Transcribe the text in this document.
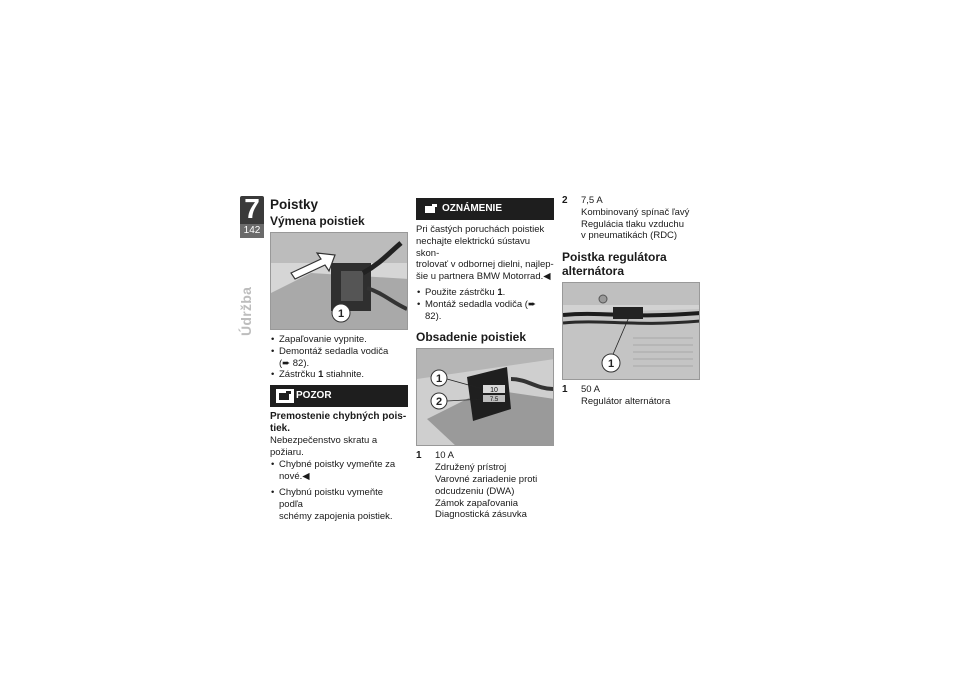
7
142
Údržba
Poistky
Výmena poistiek
1
• Zapaľovanie vypnite.
• Demontáž sedadla vodiča
(➨ 82).
• Zástrčku 1 stiahnite.
POZOR
Premostenie chybných pois-
tiek.

Nebezpečenstvo skratu a požiaru.

• Chybné poistky vymeňte za
nové.◀
• Chybnú poistku vymeňte podľa
schémy zapojenia poistiek.
OZNÁMENIE

Pri častých poruchách poistiek
nechajte elektrickú sústavu skon-
trolovať v odbornej dielni, najlep-
šie u partnera BMW Motorrad.◀

• Použite zástrčku 1.
• Montáž sedadla vodiča (➨ 82).
Obsadenie poistiek
10
7.5
1
2
1	10 A
Združený prístroj
Varovné zariadenie proti
odcudzeniu (DWA)
Zámok zapaľovania
Diagnostická zásuvka
2	7,5 A
Kombinovaný spínač ľavý
Regulácia tlaku vzduchu
v pneumatikách (RDC)
Poistka regulátora
alternátora
1
1	50 A
Regulátor alternátora
